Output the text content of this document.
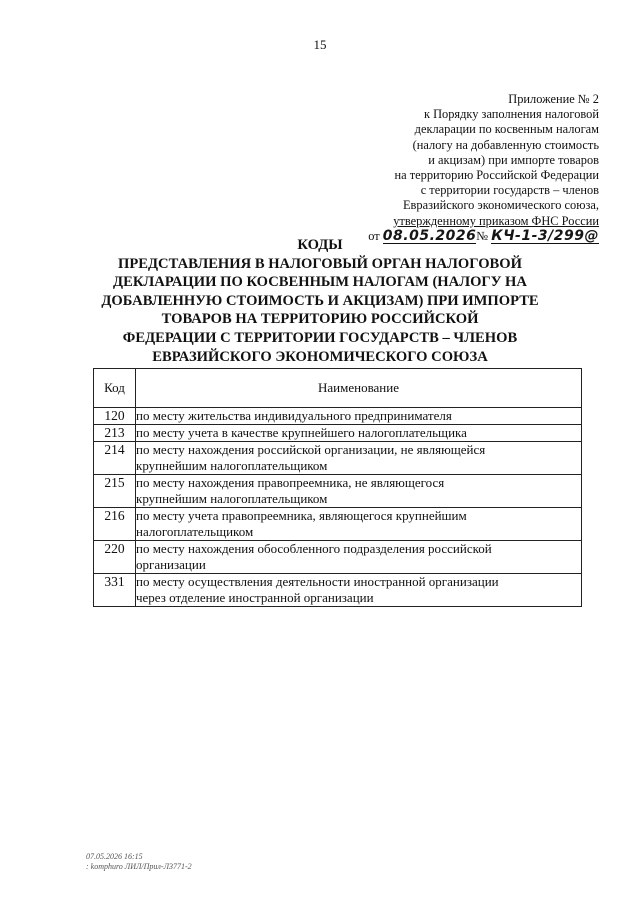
15
Приложение № 2
к Порядку заполнения налоговой
декларации по косвенным налогам
(налогу на добавленную стоимость
и акцизам) при импорте товаров
на территорию Российской Федерации
с территории государств – членов
Евразийского экономического союза,
утвержденному приказом ФНС России
от 08.05.2026№ КЧ-1-3/299@
КОДЫ
ПРЕДСТАВЛЕНИЯ В НАЛОГОВЫЙ ОРГАН НАЛОГОВОЙ
ДЕКЛАРАЦИИ ПО КОСВЕННЫМ НАЛОГАМ (НАЛОГУ НА
ДОБАВЛЕННУЮ СТОИМОСТЬ И АКЦИЗАМ) ПРИ ИМПОРТЕ
ТОВАРОВ НА ТЕРРИТОРИЮ РОССИЙСКОЙ
ФЕДЕРАЦИИ С ТЕРРИТОРИИ ГОСУДАРСТВ – ЧЛЕНОВ
ЕВРАЗИЙСКОГО ЭКОНОМИЧЕСКОГО СОЮЗА
Код	Наименование
120	по месту жительства индивидуального предпринимателя
213	по месту учета в качестве крупнейшего налогоплательщика
214	по месту нахождения российской организации, не являющейся
крупнейшим налогоплательщиком
215	по месту нахождения правопреемника, не являющегося
крупнейшим налогоплательщиком
216	по месту учета правопреемника, являющегося крупнейшим
налогоплательщиком
220	по месту нахождения обособленного подразделения российской
организации
331	по месту осуществления деятельности иностранной организации
через отделение иностранной организации
07.05.2026 16:15
: komphuro ЛИЛ/Прил-Л3771-2
